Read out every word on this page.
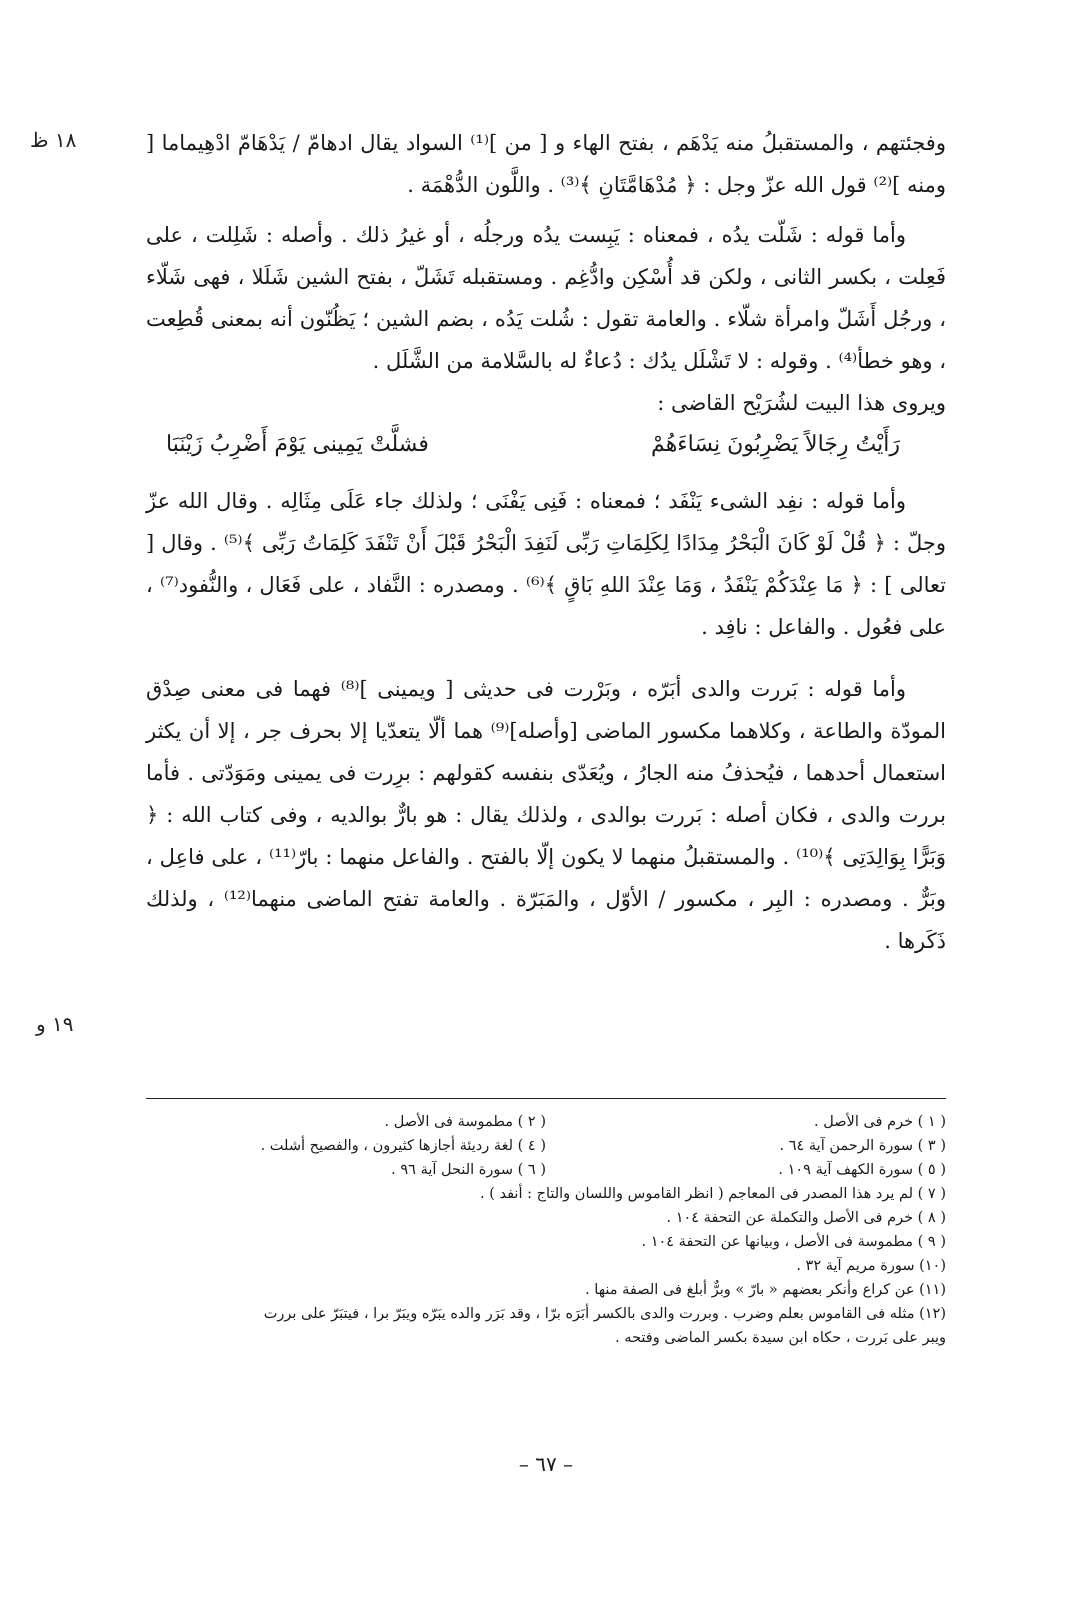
١٨ ظ
١٩ و

وفجئتهم ، والمستقبلُ منه يَدْهَم ، بفتح الهاء و [ من ]⁽¹⁾ السواد يقال ادهامّ / يَدْهَامّ ادْهِيماما [ ومنه ]⁽²⁾ قول الله عزّ وجل : ﴿ مُدْهَامَّتَانِ ﴾⁽³⁾ . واللَّون الدُّهْمَة .

وأما قوله : شَلّت يدُه ، فمعناه : يَبِست يدُه ورجلُه ، أو غيرُ ذلك . وأصله : شَلِلت ، على فَعِلت ، بكسر الثانى ، ولكن قد أُسْكِن وادُّغِم . ومستقبله تَشَلّ ، بفتح الشين شَلَلا ، فهى شَلّاء ، ورجُل أَشَلّ وامرأة شلّاء . والعامة تقول : شُلت يَدُه ، بضم الشين ؛ يَظُنّون أنه بمعنى قُطِعت ، وهو خطأ⁽⁴⁾ . وقوله : لا تَشْلَل يدُك : دُعاءٌ له بالسَّلامة من الشَّلَل .

ويروى هذا البيت لشُرَيْح القاضى :

رَأَيْتُ رِجَالاً يَضْرِبُونَ نِسَاءَهُمْ
فشلَّتْ يَمِينى يَوْمَ أَضْرِبُ زَيْنَبَا

وأما قوله : نفِد الشىء يَنْفَد ؛ فمعناه : فَنِى يَفْنَى ؛ ولذلك جاء عَلَى مِثَالِه . وقال الله عزّ وجلّ : ﴿ قُلْ لَوْ كَانَ الْبَحْرُ مِدَادًا لِكَلِمَاتِ رَبِّى لَنَفِدَ الْبَحْرُ قَبْلَ أَنْ تَنْفَدَ كَلِمَاتُ رَبِّى ﴾⁽⁵⁾ . وقال [ تعالى ] : ﴿ مَا عِنْدَكُمْ يَنْفَدُ ، وَمَا عِنْدَ اللهِ بَاقٍ ﴾⁽⁶⁾ . ومصدره : النَّفاد ، على فَعَال ، والنُّفود⁽⁷⁾ ، على فعُول . والفاعل : نافِد .

وأما قوله : بَررت والدى أبَرّه ، وبَرْرت فى حديثى [ ويمينى ]⁽⁸⁾ فهما فى معنى صِدْق المودّة والطاعة ، وكلاهما مكسور الماضى [وأصله]⁽⁹⁾ هما ألّا يتعدّيا إلا بحرف جر ، إلا أن يكثر استعمال أحدهما ، فيُحذفُ منه الجارُ ، ويُعَدّى بنفسه كقولهم : برِرت فى يمينى ومَوَدّتى . فأما بررت والدى ، فكان أصله : بَررت بوالدى ، ولذلك يقال : هو بارٌّ بوالديه ، وفى كتاب الله : ﴿ وَبَرًّا بِوَالِدَتِى ﴾⁽¹⁰⁾ . والمستقبلُ منهما لا يكون إلّا بالفتح . والفاعل منهما : بارّ⁽¹¹⁾ ، على فاعِل ، وبَرٌّ . ومصدره : البِر ، مكسور / الأوّل ، والمَبَرّة . والعامة تفتح الماضى منهما⁽¹²⁾ ، ولذلك ذَكَرها .

( ١ ) خرم فى الأصل .
( ٢ ) مطموسة فى الأصل .
( ٣ ) سورة الرحمن آية ٦٤ .
( ٤ ) لغة رديئة أجازها كثيرون ، والفصيح أشلت .
( ٥ ) سورة الكهف آية ١٠٩ .
( ٦ ) سورة النحل آية ٩٦ .

( ٧ ) لم يرد هذا المصدر فى المعاجم ( انظر القاموس واللسان والتاج : أنفد ) .

( ٨ ) خرم فى الأصل والتكملة عن التحفة ١٠٤ .

( ٩ ) مطموسة فى الأصل ، وبيانها عن التحفة ١٠٤ .

(١٠) سورة مريم آية ٣٢ .

(١١) عن كراع وأنكر بعضهم « بارّ » وبرٌّ أبلغ فى الصفة منها .

(١٢) مثله فى القاموس بعلم وضرب . وبررت والدى بالكسر أبَرَه برّا ، وقد بَرَر والده يبَرّه ويبَرّ برا ، فيتبَرّ على بررت

ويبر على بَررت ، حكاه ابن سيدة بكسر الماضى وفتحه .

– ٦٧ –
